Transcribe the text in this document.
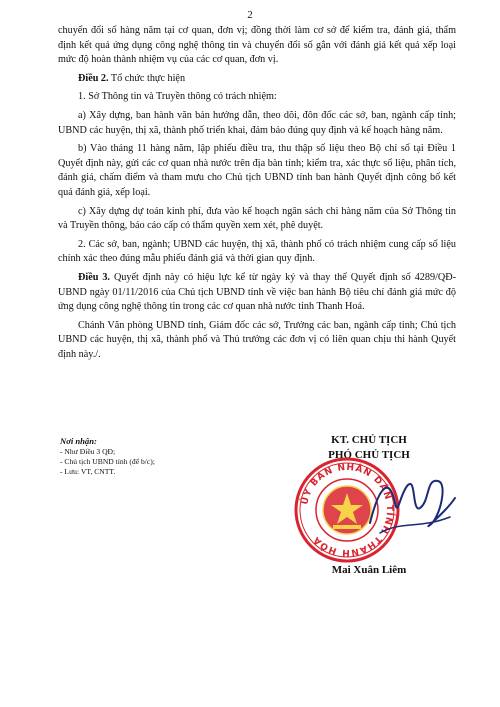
2

chuyển đổi số hàng năm tại cơ quan, đơn vị; đồng thời làm cơ sở để kiểm tra, đánh giá, thẩm định kết quả ứng dụng công nghệ thông tin và chuyển đổi số gắn với đánh giá kết quả xếp loại mức độ hoàn thành nhiệm vụ của các cơ quan, đơn vị.

Điều 2. Tổ chức thực hiện

1. Sở Thông tin và Truyền thông có trách nhiệm:

a) Xây dựng, ban hành văn bản hướng dẫn, theo dõi, đôn đốc các sở, ban, ngành cấp tỉnh; UBND các huyện, thị xã, thành phố triển khai, đảm bảo đúng quy định và kế hoạch hàng năm.

b) Vào tháng 11 hàng năm, lập phiếu điều tra, thu thập số liệu theo Bộ chỉ số tại Điều 1 Quyết định này, gửi các cơ quan nhà nước trên địa bàn tỉnh; kiểm tra, xác thực số liệu, phân tích, đánh giá, chấm điểm và tham mưu cho Chủ tịch UBND tỉnh ban hành Quyết định công bố kết quả đánh giá, xếp loại.

c) Xây dựng dự toán kinh phí, đưa vào kế hoạch ngân sách chi hàng năm của Sở Thông tin và Truyền thông, báo cáo cấp có thẩm quyền xem xét, phê duyệt.

2. Các sở, ban, ngành; UBND các huyện, thị xã, thành phố có trách nhiệm cung cấp số liệu chính xác theo đúng mẫu phiếu đánh giá và thời gian quy định.

Điều 3. Quyết định này có hiệu lực kể từ ngày ký và thay thế Quyết định số 4289/QĐ-UBND ngày 01/11/2016 của Chủ tịch UBND tỉnh về việc ban hành Bộ tiêu chí đánh giá mức độ ứng dụng công nghệ thông tin trong các cơ quan nhà nước tỉnh Thanh Hoá.

Chánh Văn phòng UBND tỉnh, Giám đốc các sở, Trưởng các ban, ngành cấp tỉnh; Chủ tịch UBND các huyện, thị xã, thành phố và Thủ trưởng các đơn vị có liên quan chịu thi hành Quyết định này./.

Nơi nhận:
- Như Điều 3 QĐ;
- Chủ tịch UBND tỉnh (để b/c);
- Lưu: VT, CNTT.
KT. CHỦ TỊCH
PHÓ CHỦ TỊCH
ỦY BAN NHÂN DÂN TỈNH THANH HÓA
Mai Xuân Liêm
